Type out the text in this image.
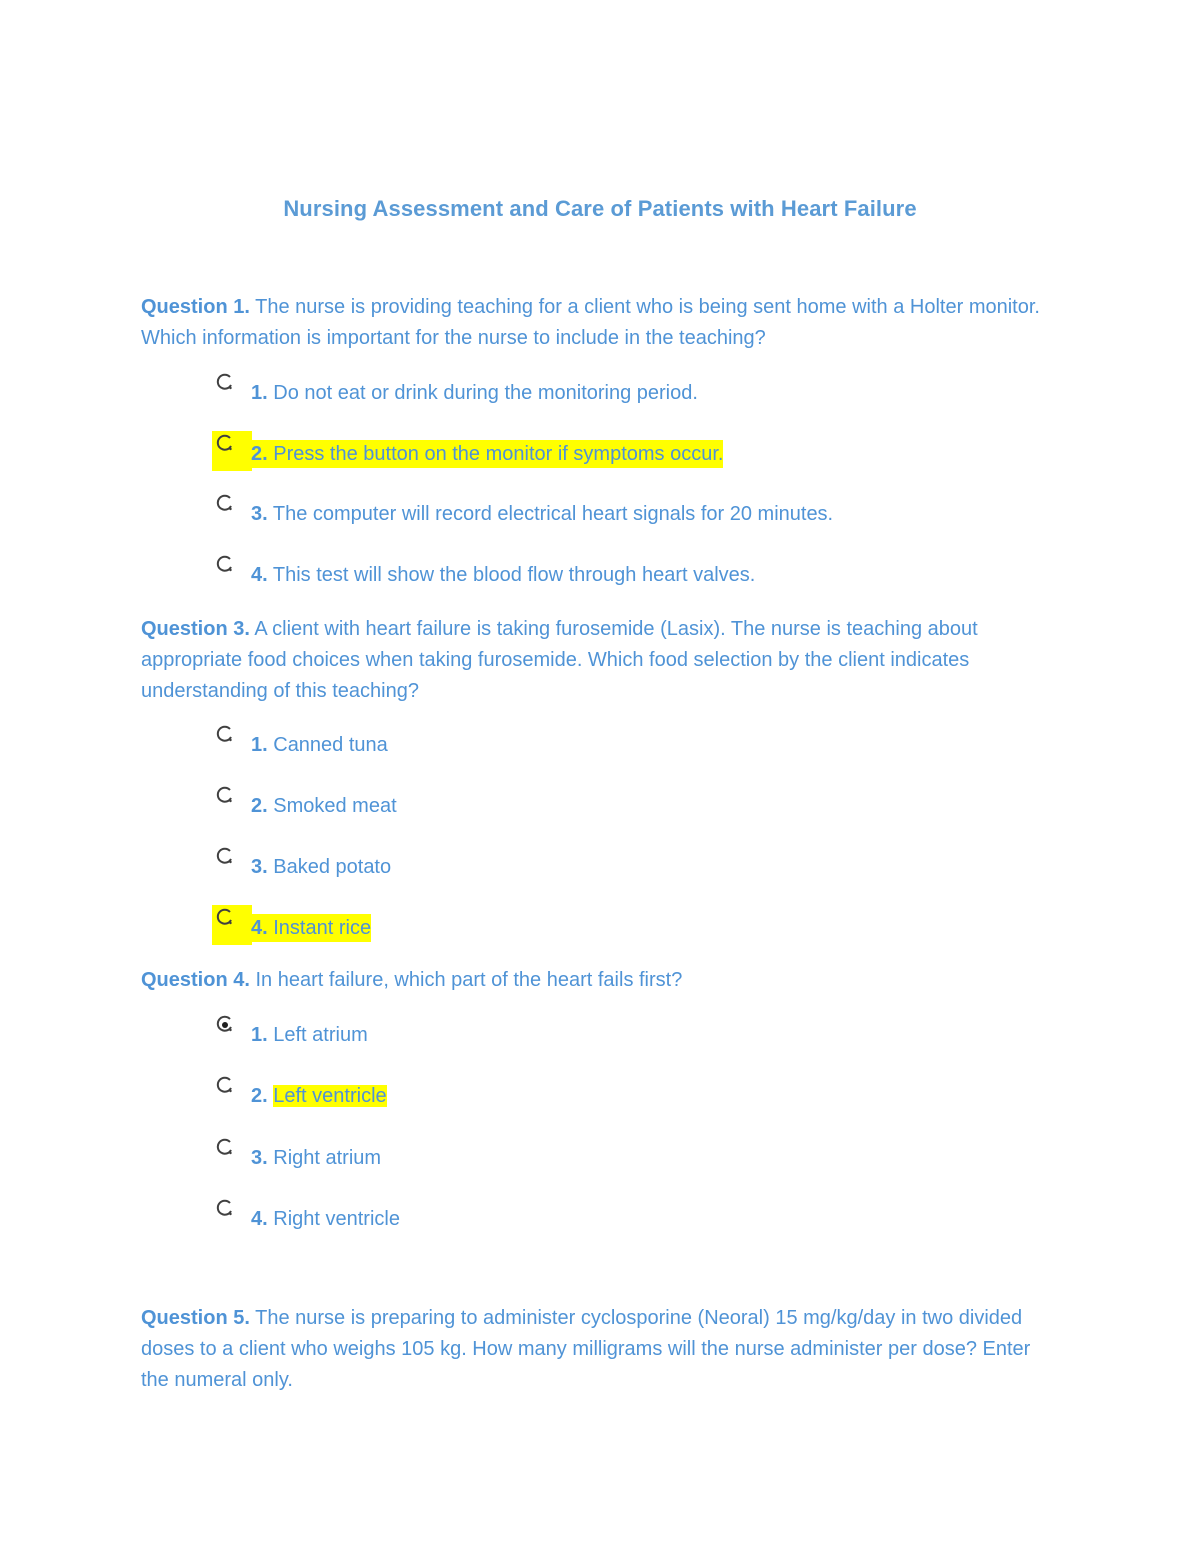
Nursing Assessment and Care of Patients with Heart Failure
Question 1. The nurse is providing teaching for a client who is being sent home with a Holter monitor. Which information is important for the nurse to include in the teaching?
1. Do not eat or drink during the monitoring period.
2. Press the button on the monitor if symptoms occur.
3. The computer will record electrical heart signals for 20 minutes.
4. This test will show the blood flow through heart valves.
Question 3. A client with heart failure is taking furosemide (Lasix). The nurse is teaching about appropriate food choices when taking furosemide. Which food selection by the client indicates understanding of this teaching?
1. Canned tuna
2. Smoked meat
3. Baked potato
4. Instant rice
Question 4. In heart failure, which part of the heart fails first?
1. Left atrium
2. Left ventricle
3. Right atrium
4. Right ventricle
Question 5. The nurse is preparing to administer cyclosporine (Neoral) 15 mg/kg/day in two divided doses to a client who weighs 105 kg. How many milligrams will the nurse administer per dose? Enter the numeral only.
